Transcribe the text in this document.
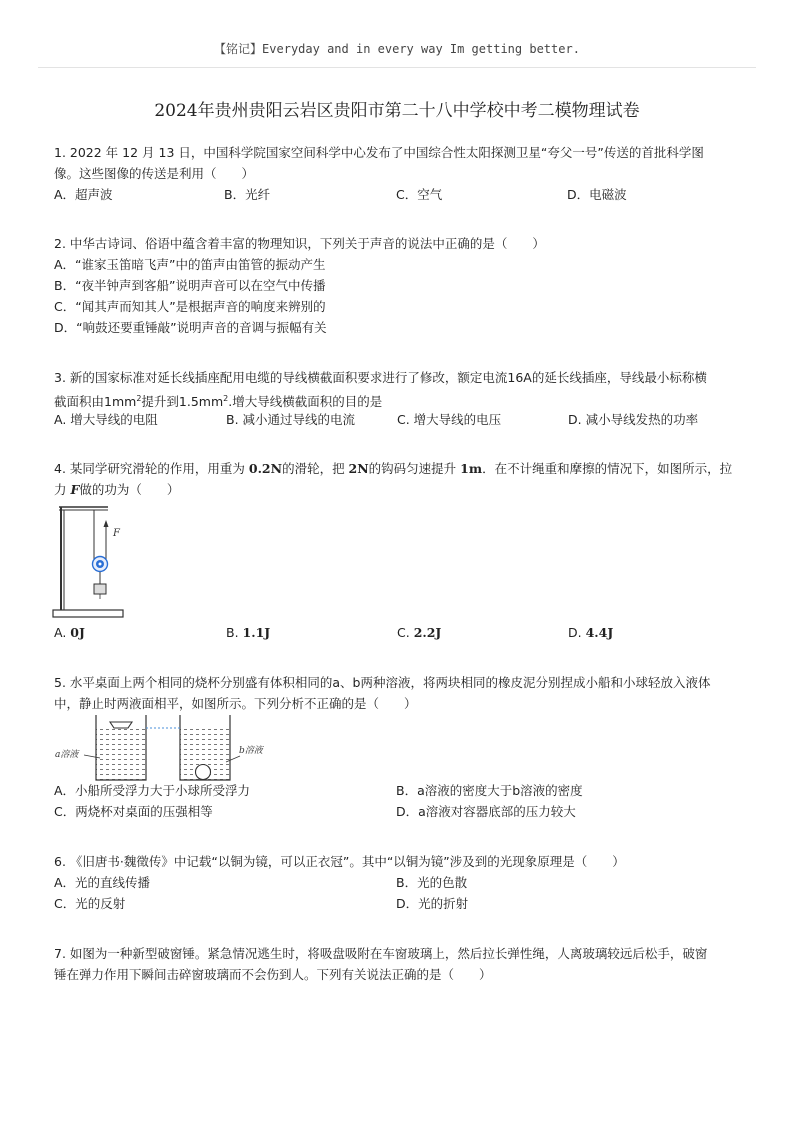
【铭记】Everyday and in every way Im getting better.
2024年贵州贵阳云岩区贵阳市第二十八中学校中考二模物理试卷
1. 2022 年 12 月 13 日，中国科学院国家空间科学中心发布了中国综合性太阳探测卫星“夸父一号”传送的首批科学图
像。这些图像的传送是利用（　　）
A．超声波	B．光纤	C．空气	D．电磁波
2. 中华古诗词、俗语中蕴含着丰富的物理知识，下列关于声音的说法中正确的是（　　）
A．“谁家玉笛暗飞声”中的笛声由笛管的振动产生
B．“夜半钟声到客船”说明声音可以在空气中传播
C．“闻其声而知其人”是根据声音的响度来辨别的
D．“响鼓还要重锤敲”说明声音的音调与振幅有关
3. 新的国家标准对延长线插座配用电缆的导线横截面积要求进行了修改，额定电流16A的延长线插座，导线最小标称横
截面积由$1mm^2$提升到$1.5mm^2$.增大导线横截面积的目的是
A. 增大导线的电阻	B. 减小通过导线的电流	C. 增大导线的电压	D. 减小导线发热的功率
4. 某同学研究滑轮的作用，用重为 0.2N的滑轮，把 2N的钩码匀速提升 1m．在不计绳重和摩擦的情况下，如图所示，拉
力 F做的功为（　　）
F
A. 0J	B. 1.1J	C. 2.2J	D. 4.4J
5. 水平桌面上两个相同的烧杯分别盛有体积相同的a、b两种溶液，将两块相同的橡皮泥分别捏成小船和小球轻放入液体
中，静止时两液面相平，如图所示。下列分析不正确的是（　　）
a溶液	b溶液
A．小船所受浮力大于小球所受浮力	B．a溶液的密度大于b溶液的密度
C．两烧杯对桌面的压强相等	D．a溶液对容器底部的压力较大
6. 《旧唐书·魏徵传》中记载“以铜为镜，可以正衣冠”。其中“以铜为镜”涉及到的光现象原理是（　　）
A．光的直线传播	B．光的色散
C．光的反射	D．光的折射
7. 如图为一种新型破窗锤。紧急情况逃生时，将吸盘吸附在车窗玻璃上，然后拉长弹性绳，人离玻璃较远后松手，破窗
锤在弹力作用下瞬间击碎窗玻璃而不会伤到人。下列有关说法正确的是（　　）
